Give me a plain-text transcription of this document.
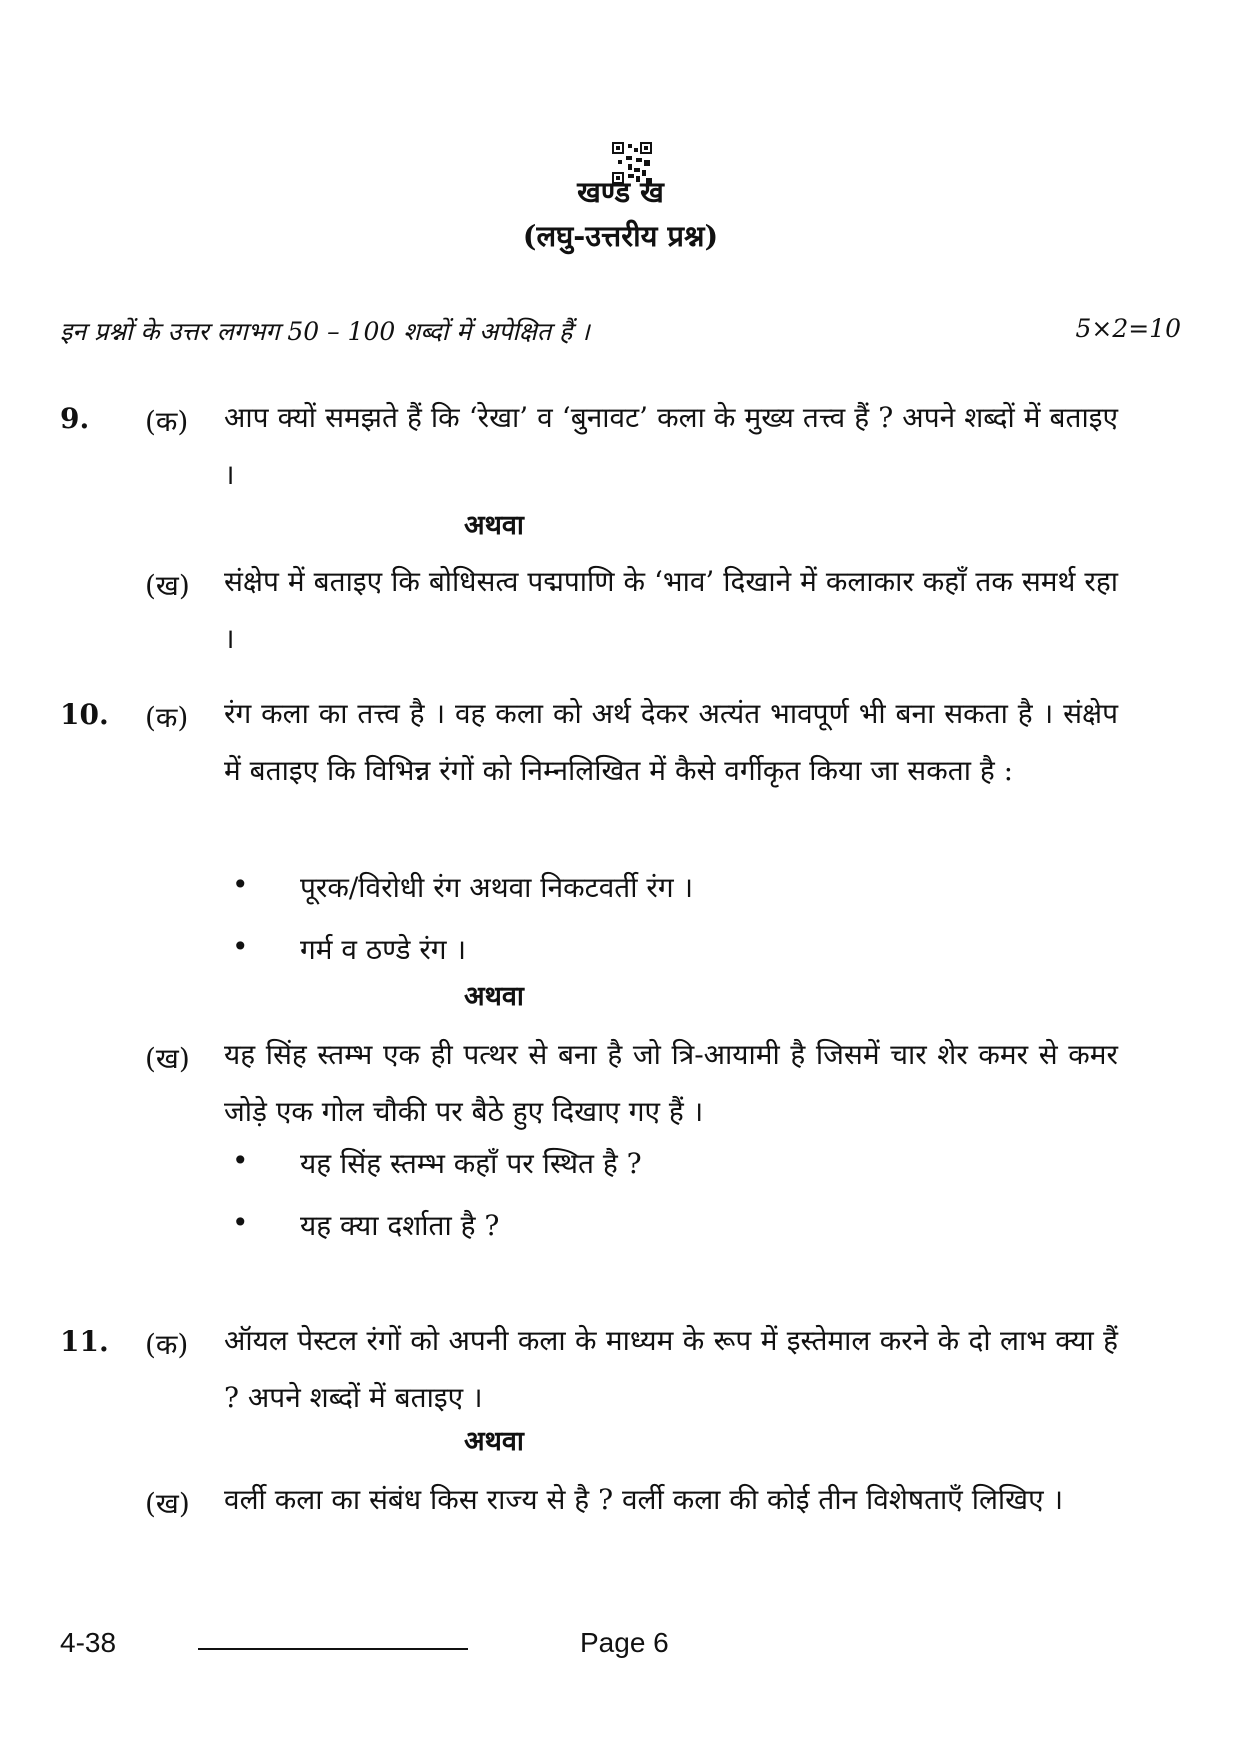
खण्ड ख
(लघु-उत्तरीय प्रश्न)
इन प्रश्नों के उत्तर लगभग 50 – 100 शब्दों में अपेक्षित हैं ।	5×2=10
9. (क) आप क्यों समझते हैं कि ‘रेखा’ व ‘बुनावट’ कला के मुख्य तत्त्व हैं ? अपने शब्दों में बताइए ।
अथवा
(ख) संक्षेप में बताइए कि बोधिसत्व पद्मपाणि के ‘भाव’ दिखाने में कलाकार कहाँ तक समर्थ रहा ।
10. (क) रंग कला का तत्त्व है । वह कला को अर्थ देकर अत्यंत भावपूर्ण भी बना सकता है । संक्षेप में बताइए कि विभिन्न रंगों को निम्नलिखित में कैसे वर्गीकृत किया जा सकता है :
• पूरक/विरोधी रंग अथवा निकटवर्ती रंग ।
• गर्म व ठण्डे रंग ।
अथवा
(ख) यह सिंह स्तम्भ एक ही पत्थर से बना है जो त्रि-आयामी है जिसमें चार शेर कमर से कमर जोड़े एक गोल चौकी पर बैठे हुए दिखाए गए हैं ।
• यह सिंह स्तम्भ कहाँ पर स्थित है ?
• यह क्या दर्शाता है ?
11. (क) ऑयल पेस्टल रंगों को अपनी कला के माध्यम के रूप में इस्तेमाल करने के दो लाभ क्या हैं ? अपने शब्दों में बताइए ।
अथवा
(ख) वर्ली कला का संबंध किस राज्य से है ? वर्ली कला की कोई तीन विशेषताएँ लिखिए ।
4-38	Page 6
